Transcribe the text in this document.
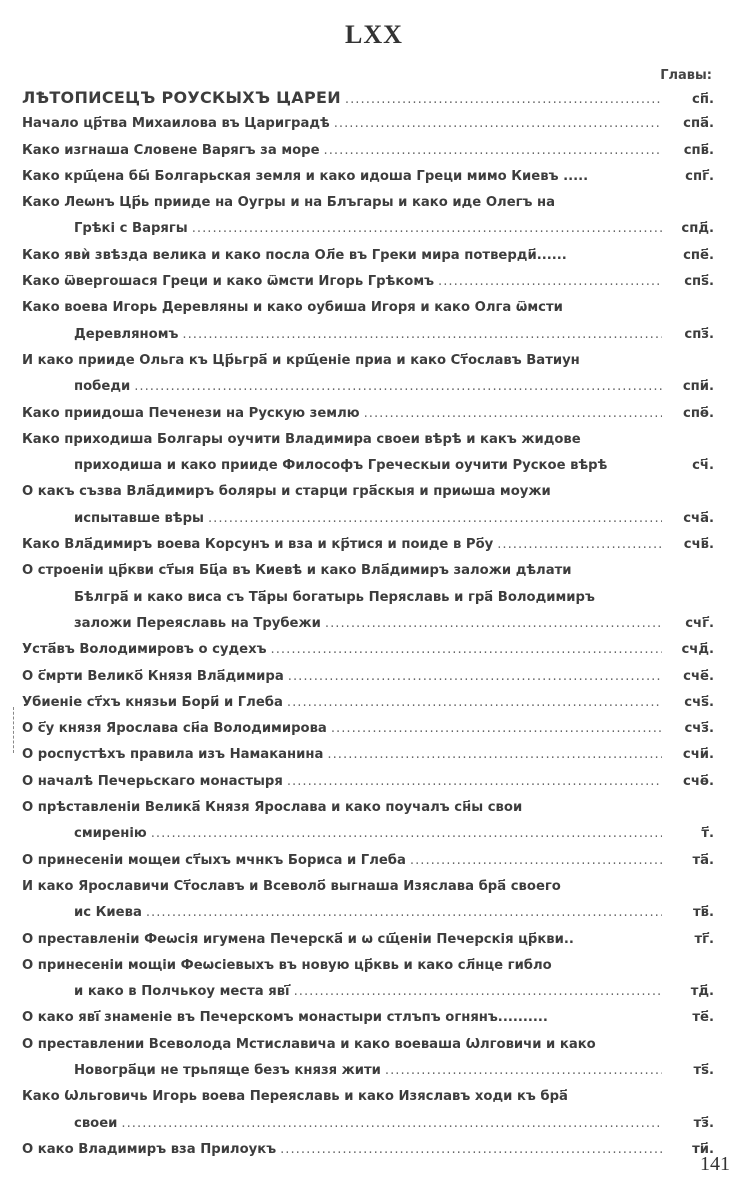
LXX
Главы:
ЛѢТОПИСЕЦЪ РОУСКЫХЪ ЦАРЕИ .....	сп҃.
Начало цр҃тва Михаилова въ Цариградѣ .....	спа҃.
Како изгнаша Словене Варягъ за море .....	спв҃.
Како крщ҃ена бы҃ Болгарьская земля и како идоша Греци мимо Киевъ .....	спг҃.
Како Леѡнъ Цр҃ь прииде на Оугры и на Блъгары и како иде Олегъ на
Грѣкі с Варягы .....	спд҃.
Како явѝ звѣзда велика и како посла Ол҃е въ Греки мира потверди҃......	спе҃.
Како ѿвергошася Греци и како ѿмсти Игорь Грѣкомъ .....	спѕ҃.
Како воева Игорь Деревляны и како оубиша Игоря и како Олга ѿмсти
Деревляномъ .....	спз҃.
И како прииде Ольга къ Цр҃ьгра҃ и крщ҃еніе приа и како Ст҃ославъ Ватиун
победи .....	спи҃.
Како приидоша Печенези на Рускую землю .....	спѳ҃.
Како приходиша Болгары оучити Владимира своеи вѣрѣ и какъ жидове
приходиша и како прииде Философъ Греческыи оучити Руское вѣрѣ	сч҃.
О какъ съзва Вла҃димиръ боляры и старци гра҃скыя и приѡша моужи
испытавше вѣры .....	сча҃.
Како Вла҃димиръ воева Корсунъ и вза и кр҃тися и поиде в Ро҃у .....	счв҃.
О строеніи цр҃кви ст҃ыя Бц҃а въ Киевѣ и како Вла҃димиръ заложи дѣлати
Бѣлгра҃ и како виса съ Та҃ры богатырь Перяславь и гра҃ Володимиръ
заложи Переяславь на Трубежи .....	счг҃.
Уста҃въ Володимировъ о судехъ .....	счд҃.
О с҃мрти Велико҃ Князя Вла҃димира .....	сче҃.
Убиеніе ст҃хъ князьи Бори҃ и Глеба .....	счѕ҃.
О с҃у князя Ярослава сн҃а Володимирова .....	счз҃.
О роспустѣхъ правила изъ Намаканина .....	счи҃.
О началѣ Печерьскаго монастыря .....	счѳ҃.
О прѣставленіи Велика҃ Князя Ярослава и како поучалъ сн҃ы свои
смиренію .....	т҃.
О принесеніи мощеи ст҃ыхъ мчнкъ Бориса и Глеба .....	та҃.
И како Ярославичи Ст҃ославъ и Всеволо҃ выгнаша Изяслава бра҃ своего
ис Киева .....	тв҃.
О преставленіи Феѡсія игумена Печерска҃ и ѡ сщ҃еніи Печерскія цр҃кви..	тг҃.
О принесеніи мощіи Феѡсіевыхъ въ новую цр҃квь и како сл҃нце гибло
и како в Полчькоу меcта яві҃ .....	тд҃.
О како яві҃ знаменіе въ Печерскомъ монастыри стлъпъ огнянъ..........	те҃.
О преставлении Всеволода Мстиславича и како воеваша Ѡлговичи и како
Новогра҃ци не трьпяще безъ князя жити .....	тѕ҃.
Како Ѡльговичь Игорь воева Переяславь и како Изяславъ ходи къ бра҃
своеи .....	тз҃.
О како Владимиръ вза Прилоукъ .....	ти҃.
141
